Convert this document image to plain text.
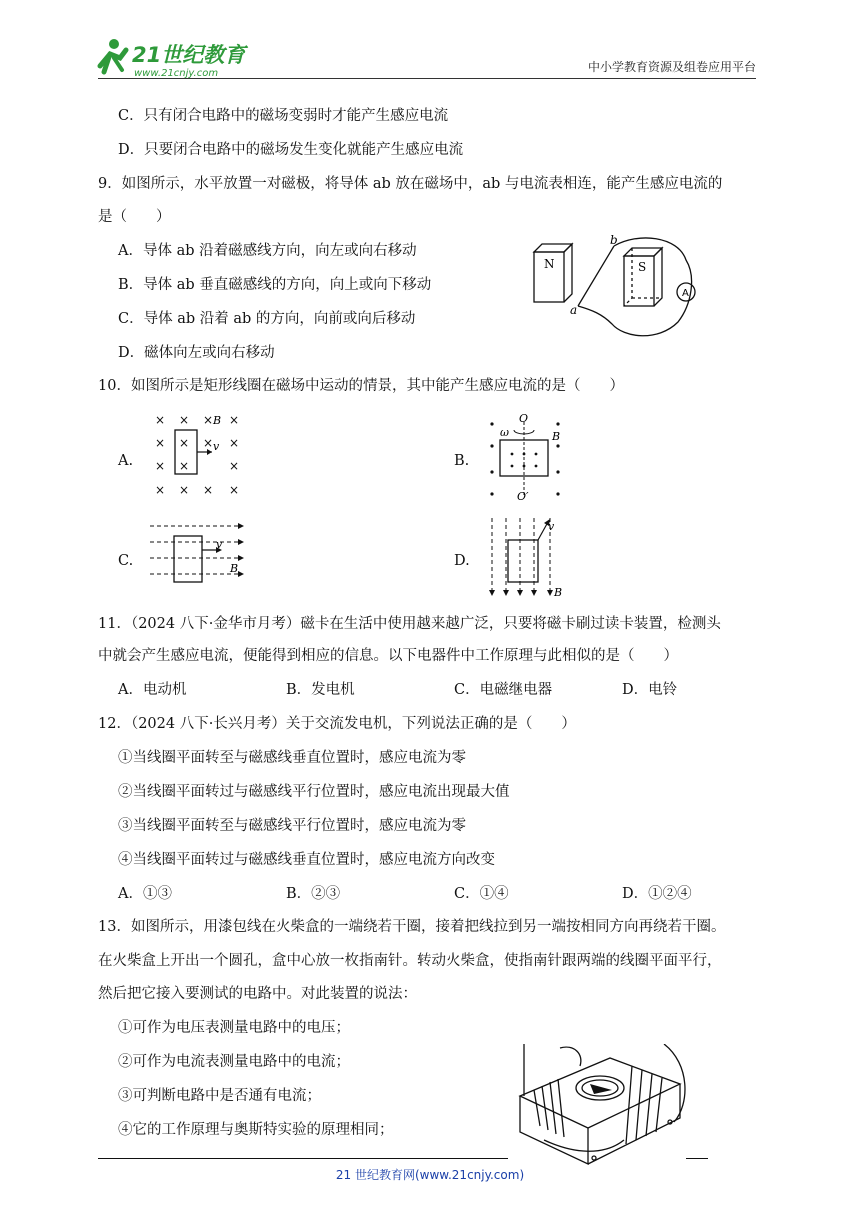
21世纪教育
www.21cnjy.com	中小学教育资源及组卷应用平台
C．只有闭合电路中的磁场变弱时才能产生感应电流
D．只要闭合电路中的磁场发生变化就能产生感应电流
9．如图所示，水平放置一对磁极，将导体 ab 放在磁场中，ab 与电流表相连，能产生感应电流的
是（　　）
A．导体 ab 沿着磁感线方向，向左或向右移动
B．导体 ab 垂直磁感线的方向，向上或向下移动
C．导体 ab 沿着 ab 的方向，向前或向后移动
D．磁体向左或向右移动
N	S
a
b
A
10．如图所示是矩形线圈在磁场中运动的情景，其中能产生感应电流的是（　　）
A.
× × × ×
×	×
×	×
× × × ×
×
×
×
B
v
B.
O
O′
ω	B
C.
v
B	D.
v
B
11．（2024 八下·金华市月考）磁卡在生活中使用越来越广泛，只要将磁卡刷过读卡装置，检测头
中就会产生感应电流，便能得到相应的信息。以下电器件中工作原理与此相似的是（　　）
A．电动机	B．发电机	C．电磁继电器	D．电铃
12．（2024 八下·长兴月考）关于交流发电机，下列说法正确的是（　　）
①当线圈平面转至与磁感线垂直位置时，感应电流为零
②当线圈平面转过与磁感线平行位置时，感应电流出现最大值
③当线圈平面转至与磁感线平行位置时，感应电流为零
④当线圈平面转过与磁感线垂直位置时，感应电流方向改变
A．①③	B．②③	C．①④	D．①②④
13．如图所示，用漆包线在火柴盒的一端绕若干圈，接着把线拉到另一端按相同方向再绕若干圈。
在火柴盒上开出一个圆孔，盒中心放一枚指南针。转动火柴盒，使指南针跟两端的线圈平面平行，
然后把它接入要测试的电路中。对此装置的说法：
①可作为电压表测量电路中的电压；
②可作为电流表测量电路中的电流；
③可判断电路中是否通有电流；
④它的工作原理与奥斯特实验的原理相同；
21 世纪教育网(www.21cnjy.com)
